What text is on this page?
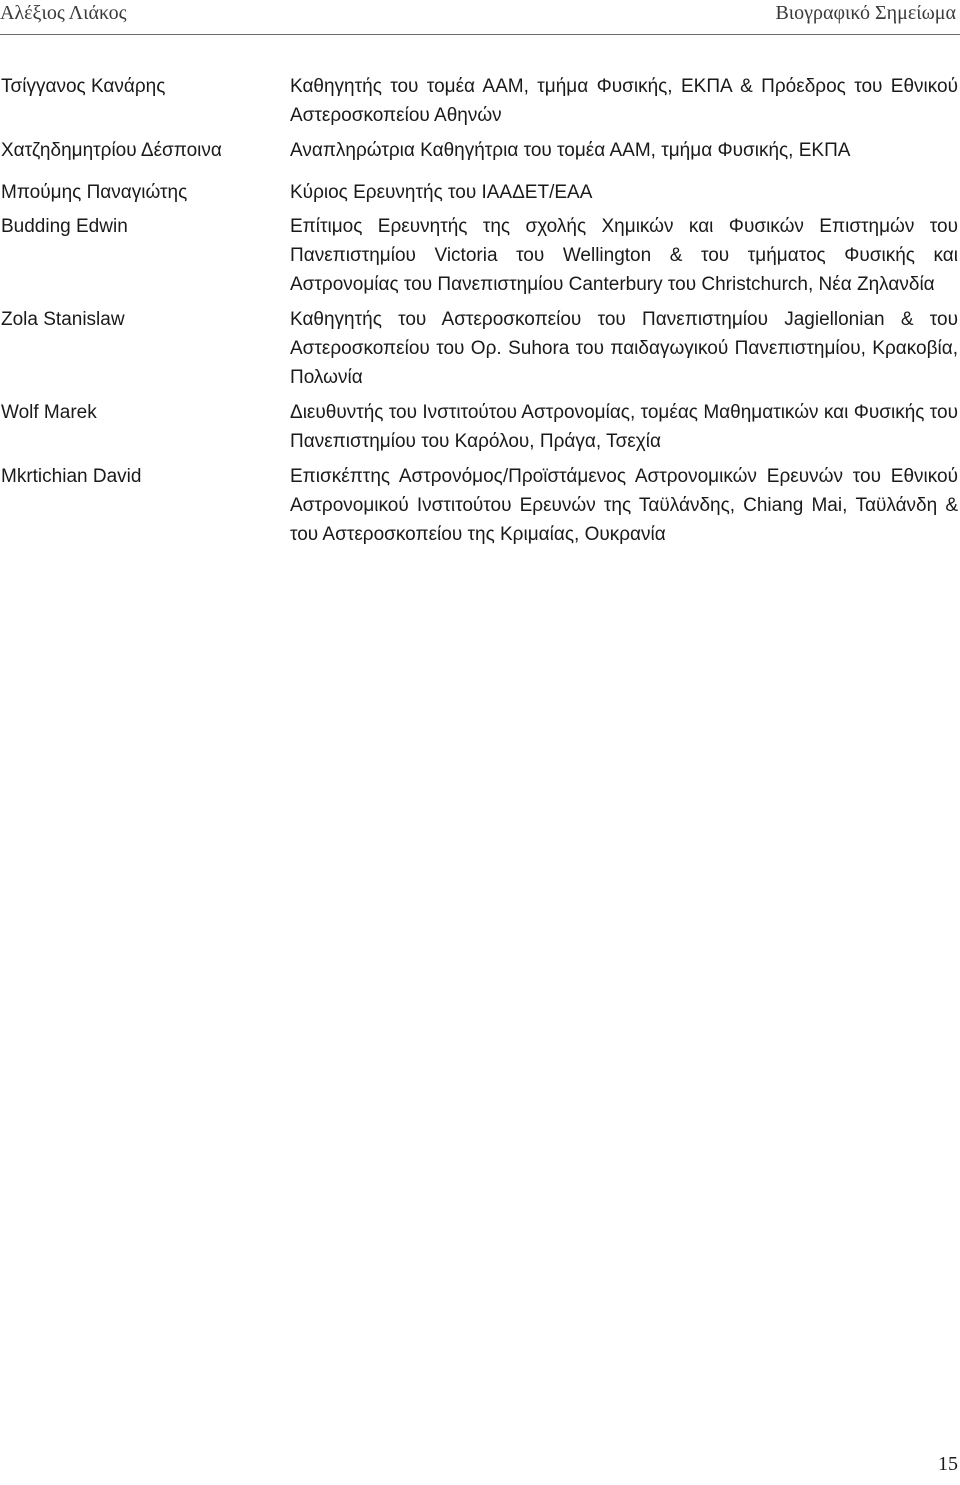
Αλέξιος Λιάκος	Βιογραφικό Σημείωμα
Τσίγγανος Κανάρης	Καθηγητής του τομέα ΑΑΜ, τμήμα Φυσικής, ΕΚΠΑ & Πρόεδρος του Εθνικού Αστεροσκοπείου Αθηνών
Χατζηδημητρίου Δέσποινα	Αναπληρώτρια Καθηγήτρια του τομέα ΑΑΜ, τμήμα Φυσικής, ΕΚΠΑ
Μπούμης Παναγιώτης	Κύριος Ερευνητής του ΙΑΑΔΕΤ/ΕΑΑ
Budding Edwin	Επίτιμος Ερευνητής της σχολής Χημικών και Φυσικών Επιστημών του Πανεπιστημίου Victoria του Wellington & του τμήματος Φυσικής και Αστρονομίας του Πανεπιστημίου Canterbury του Christchurch, Νέα Ζηλανδία
Zola Stanislaw	Καθηγητής του Αστεροσκοπείου του Πανεπιστημίου Jagiellonian & του Αστεροσκοπείου του Ορ. Suhora του παιδαγωγικού Πανεπιστημίου, Κρακοβία, Πολωνία
Wolf Marek	Διευθυντής του Ινστιτούτου Αστρονομίας, τομέας Μαθηματικών και Φυσικής του Πανεπιστημίου του Καρόλου, Πράγα, Τσεχία
Mkrtichian David	Επισκέπτης Αστρονόμος/Προϊστάμενος Αστρονομικών Ερευνών του Εθνικού Αστρονομικού Ινστιτούτου Ερευνών της Ταϋλάνδης, Chiang Mai, Ταϋλάνδη & του Αστεροσκοπείου της Κριμαίας, Ουκρανία
15
